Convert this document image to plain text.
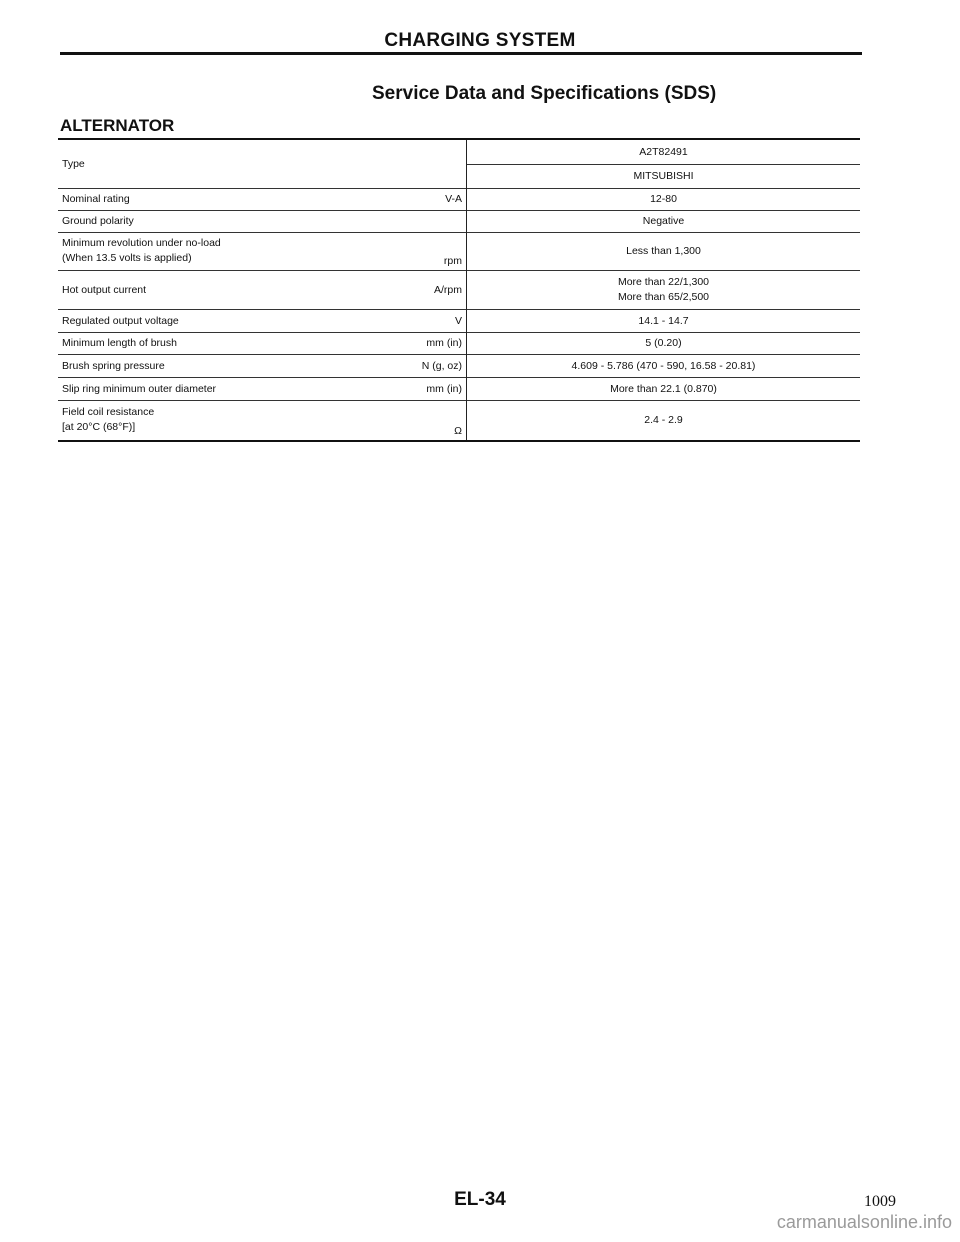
CHARGING SYSTEM
Service Data and Specifications (SDS)
ALTERNATOR
Type		A2T82491
		MITSUBISHI
Nominal rating	V-A	12-80
Ground polarity		Negative

Minimum revolution under no-load
(When 13.5 volts is applied)	rpm	Less than 1,300
Hot output current	A/rpm	More than 22/1,300
More than 65/2,500

Regulated output voltage	V	14.1 - 14.7
Minimum length of brush	mm (in)	5 (0.20)
Brush spring pressure	N (g, oz)	4.609 - 5.786 (470 - 590, 16.58 - 20.81)
Slip ring minimum outer diameter	mm (in)	More than 22.1 (0.870)

Field coil resistance
[at 20°C (68°F)]	Ω	2.4 - 2.9
EL-34	1009
carmanualsonline.info
